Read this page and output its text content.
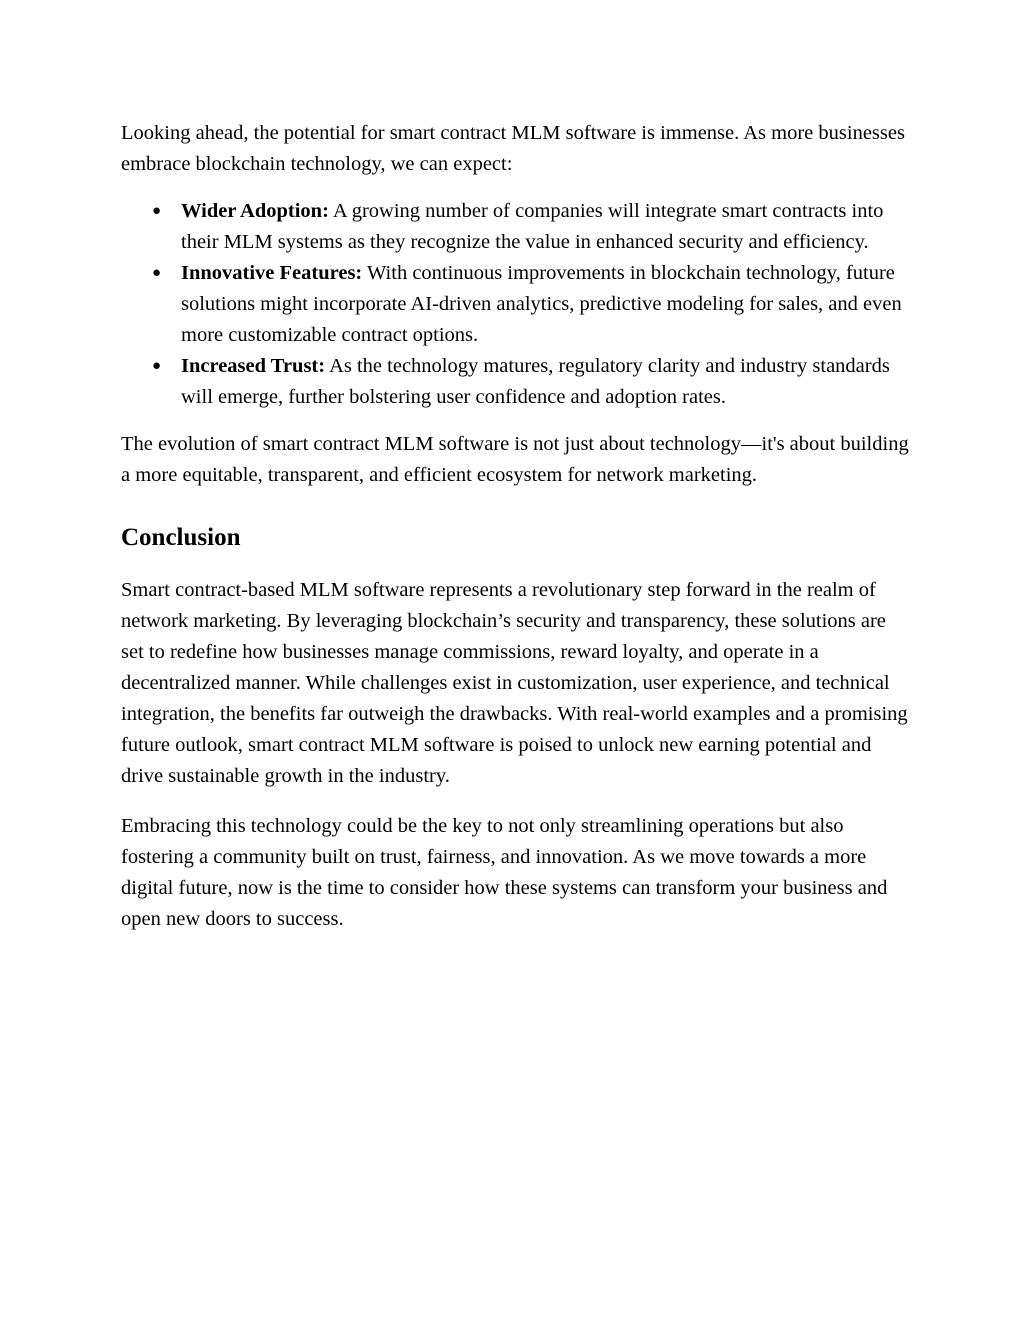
Looking ahead, the potential for smart contract MLM software is immense. As more businesses embrace blockchain technology, we can expect:

● Wider Adoption: A growing number of companies will integrate smart contracts into their MLM systems as they recognize the value in enhanced security and efficiency.
● Innovative Features: With continuous improvements in blockchain technology, future solutions might incorporate AI-driven analytics, predictive modeling for sales, and even more customizable contract options.
● Increased Trust: As the technology matures, regulatory clarity and industry standards will emerge, further bolstering user confidence and adoption rates.

The evolution of smart contract MLM software is not just about technology—it's about building a more equitable, transparent, and efficient ecosystem for network marketing.

Conclusion

Smart contract-based MLM software represents a revolutionary step forward in the realm of network marketing. By leveraging blockchain’s security and transparency, these solutions are set to redefine how businesses manage commissions, reward loyalty, and operate in a decentralized manner. While challenges exist in customization, user experience, and technical integration, the benefits far outweigh the drawbacks. With real-world examples and a promising future outlook, smart contract MLM software is poised to unlock new earning potential and drive sustainable growth in the industry.

Embracing this technology could be the key to not only streamlining operations but also fostering a community built on trust, fairness, and innovation. As we move towards a more digital future, now is the time to consider how these systems can transform your business and open new doors to success.
